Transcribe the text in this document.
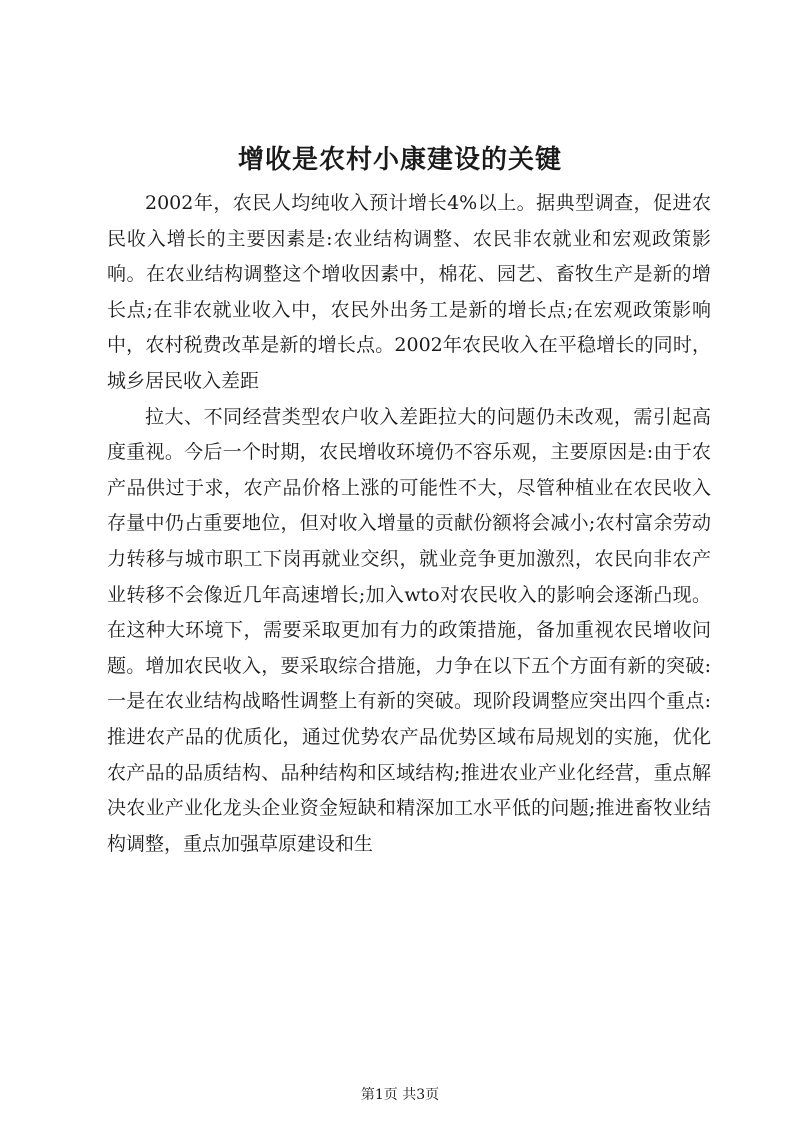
增收是农村小康建设的关键

2002年，农民人均纯收入预计增长4%以上。据典型调查，促进农民收入增长的主要因素是:农业结构调整、农民非农就业和宏观政策影响。在农业结构调整这个增收因素中，棉花、园艺、畜牧生产是新的增长点;在非农就业收入中，农民外出务工是新的增长点;在宏观政策影响中，农村税费改革是新的增长点。2002年农民收入在平稳增长的同时，城乡居民收入差距

拉大、不同经营类型农户收入差距拉大的问题仍未改观，需引起高度重视。今后一个时期，农民增收环境仍不容乐观，主要原因是:由于农产品供过于求，农产品价格上涨的可能性不大，尽管种植业在农民收入存量中仍占重要地位，但对收入增量的贡献份额将会减小;农村富余劳动力转移与城市职工下岗再就业交织，就业竞争更加激烈，农民向非农产业转移不会像近几年高速增长;加入wto对农民收入的影响会逐渐凸现。在这种大环境下，需要采取更加有力的政策措施，备加重视农民增收问题。增加农民收入，要采取综合措施，力争在以下五个方面有新的突破:一是在农业结构战略性调整上有新的突破。现阶段调整应突出四个重点:推进农产品的优质化，通过优势农产品优势区域布局规划的实施，优化农产品的品质结构、品种结构和区域结构;推进农业产业化经营，重点解决农业产业化龙头企业资金短缺和精深加工水平低的问题;推进畜牧业结构调整，重点加强草原建设和生

第1页 共3页
